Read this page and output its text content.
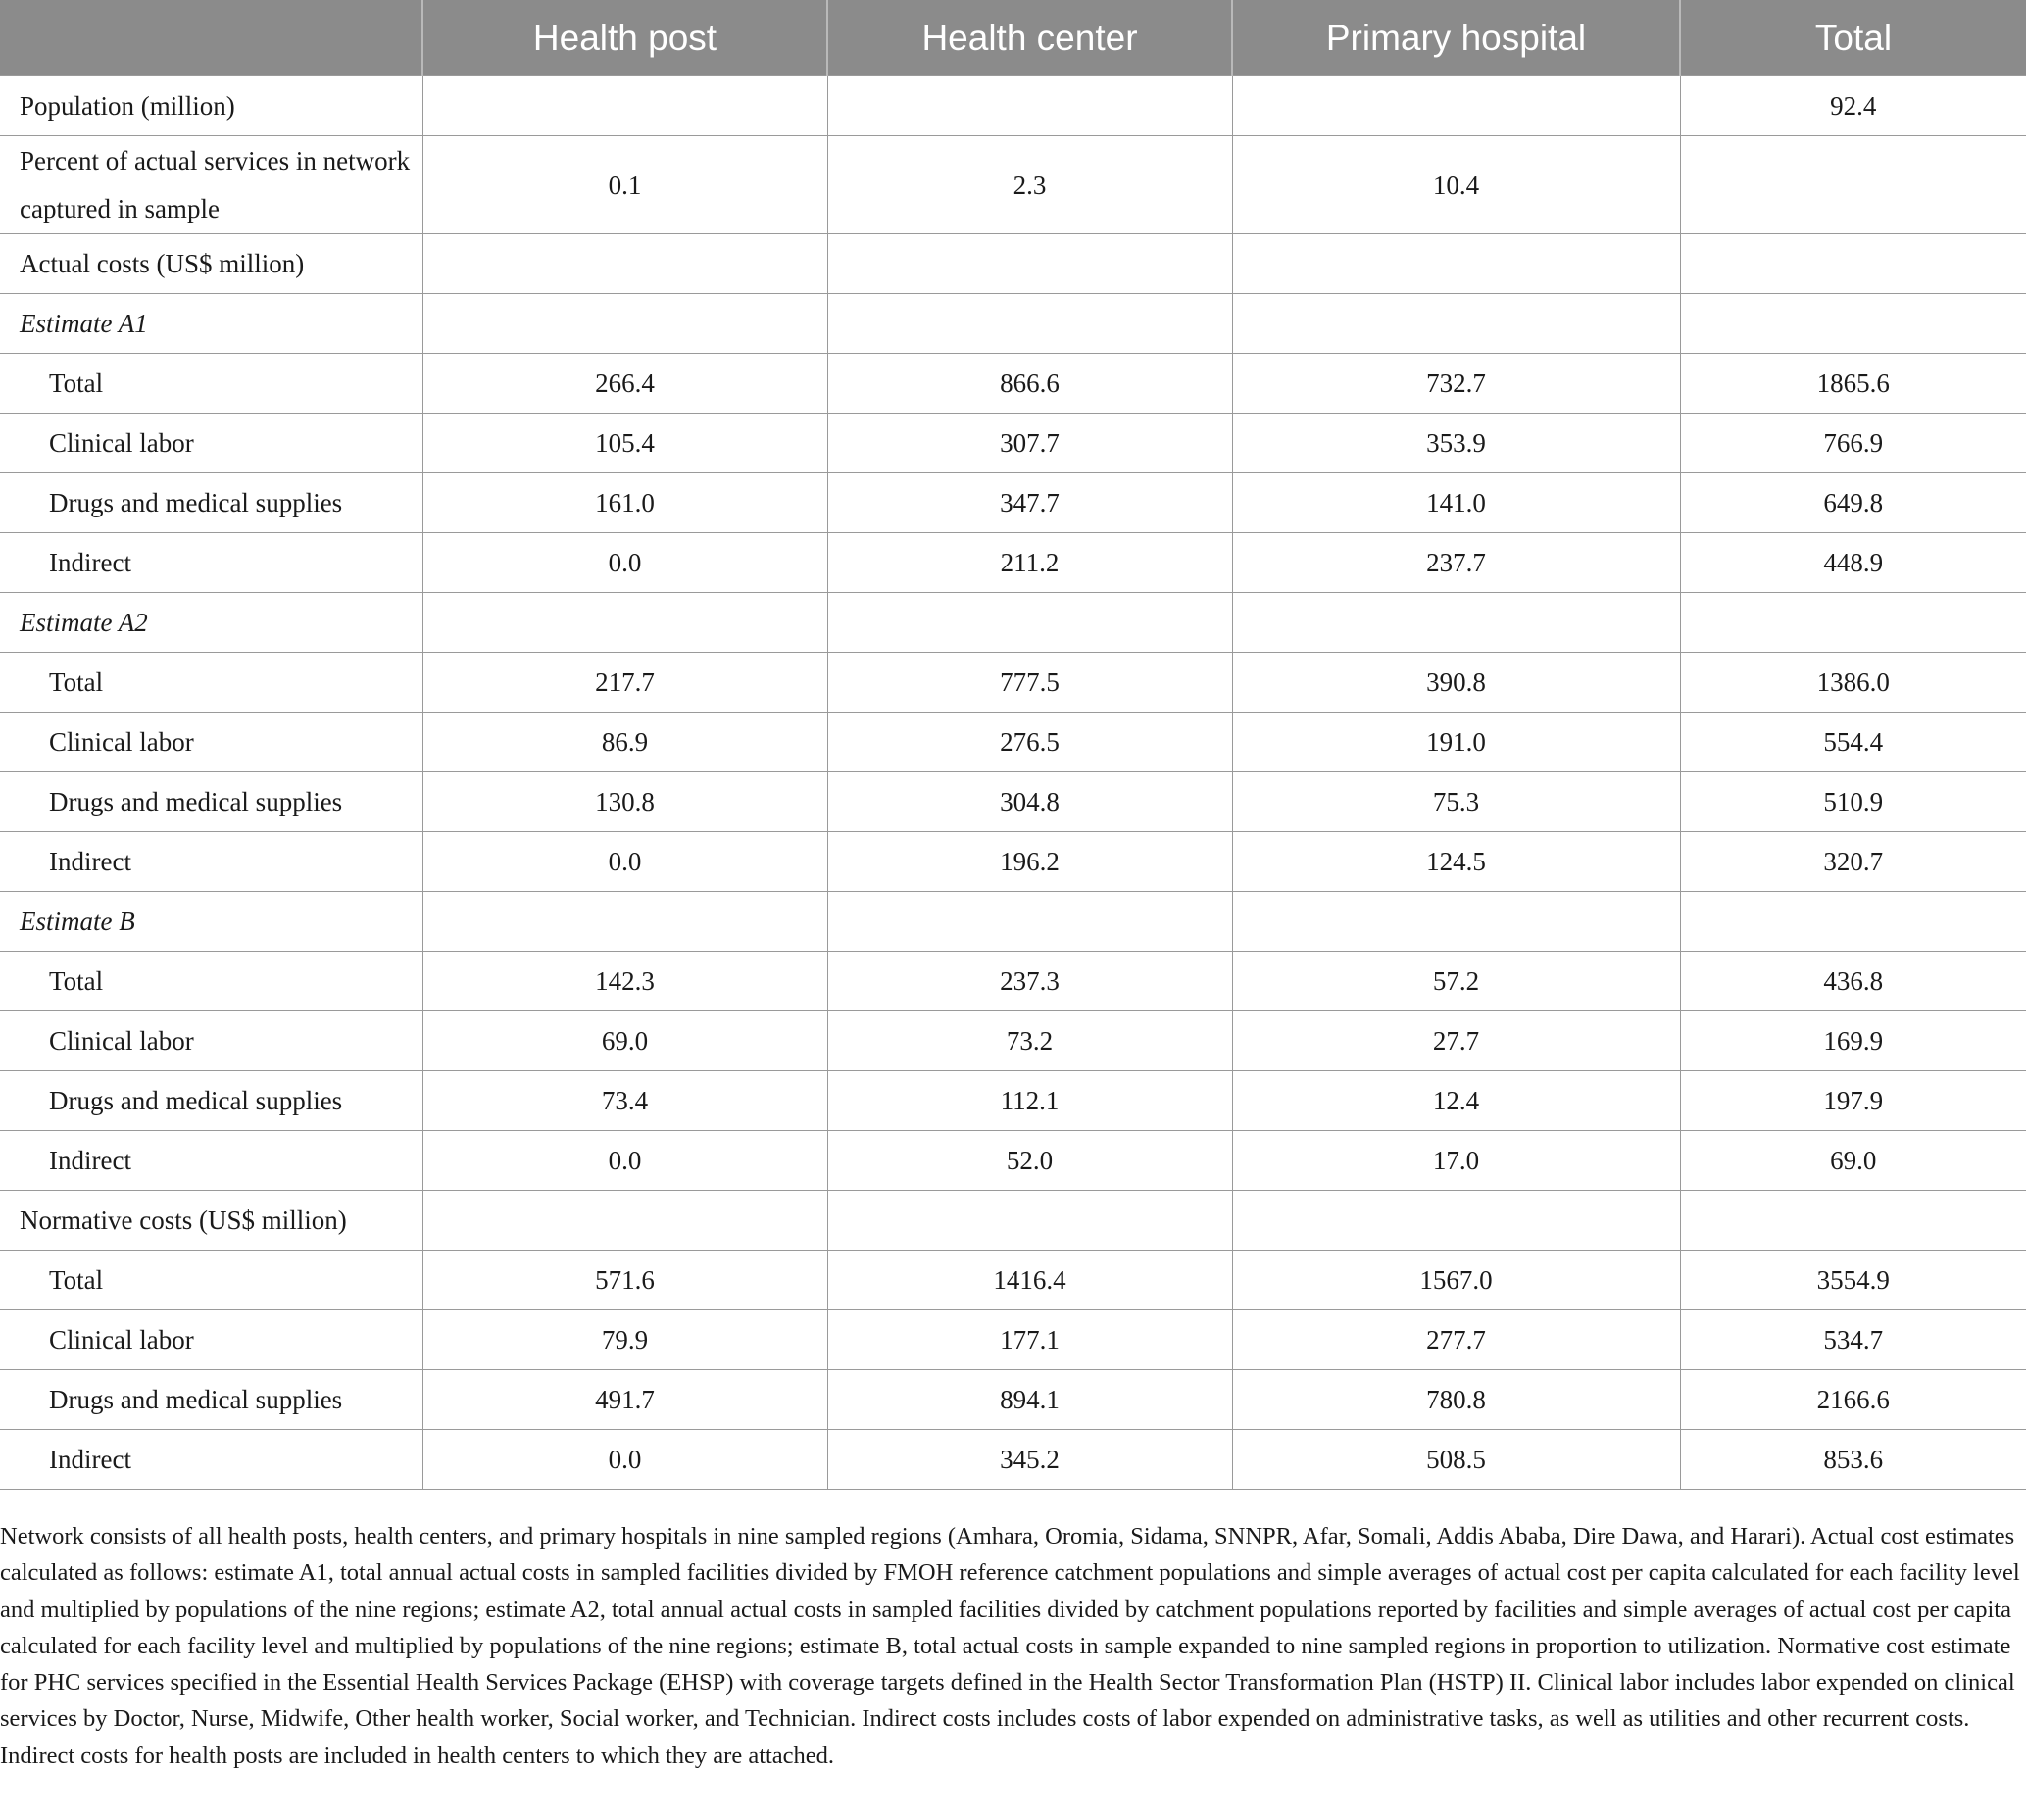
	Health post	Health center	Primary hospital	Total
Population (million)				92.4
Percent of actual services in network captured in sample	0.1	2.3	10.4	
Actual costs (US$ million)				
Estimate A1				
Total	266.4	866.6	732.7	1865.6
Clinical labor	105.4	307.7	353.9	766.9
Drugs and medical supplies	161.0	347.7	141.0	649.8
Indirect	0.0	211.2	237.7	448.9
Estimate A2				
Total	217.7	777.5	390.8	1386.0
Clinical labor	86.9	276.5	191.0	554.4
Drugs and medical supplies	130.8	304.8	75.3	510.9
Indirect	0.0	196.2	124.5	320.7
Estimate B				
Total	142.3	237.3	57.2	436.8
Clinical labor	69.0	73.2	27.7	169.9
Drugs and medical supplies	73.4	112.1	12.4	197.9
Indirect	0.0	52.0	17.0	69.0
Normative costs (US$ million)				
Total	571.6	1416.4	1567.0	3554.9
Clinical labor	79.9	177.1	277.7	534.7
Drugs and medical supplies	491.7	894.1	780.8	2166.6
Indirect	0.0	345.2	508.5	853.6

Network consists of all health posts, health centers, and primary hospitals in nine sampled regions (Amhara, Oromia, Sidama, SNNPR, Afar, Somali, Addis Ababa, Dire Dawa, and Harari). Actual cost estimates calculated as follows: estimate A1, total annual actual costs in sampled facilities divided by FMOH reference catchment populations and simple averages of actual cost per capita calculated for each facility level and multiplied by populations of the nine regions; estimate A2, total annual actual costs in sampled facilities divided by catchment populations reported by facilities and simple averages of actual cost per capita calculated for each facility level and multiplied by populations of the nine regions; estimate B, total actual costs in sample expanded to nine sampled regions in proportion to utilization. Normative cost estimate for PHC services specified in the Essential Health Services Package (EHSP) with coverage targets defined in the Health Sector Transformation Plan (HSTP) II. Clinical labor includes labor expended on clinical services by Doctor, Nurse, Midwife, Other health worker, Social worker, and Technician. Indirect costs includes costs of labor expended on administrative tasks, as well as utilities and other recurrent costs. Indirect costs for health posts are included in health centers to which they are attached.
